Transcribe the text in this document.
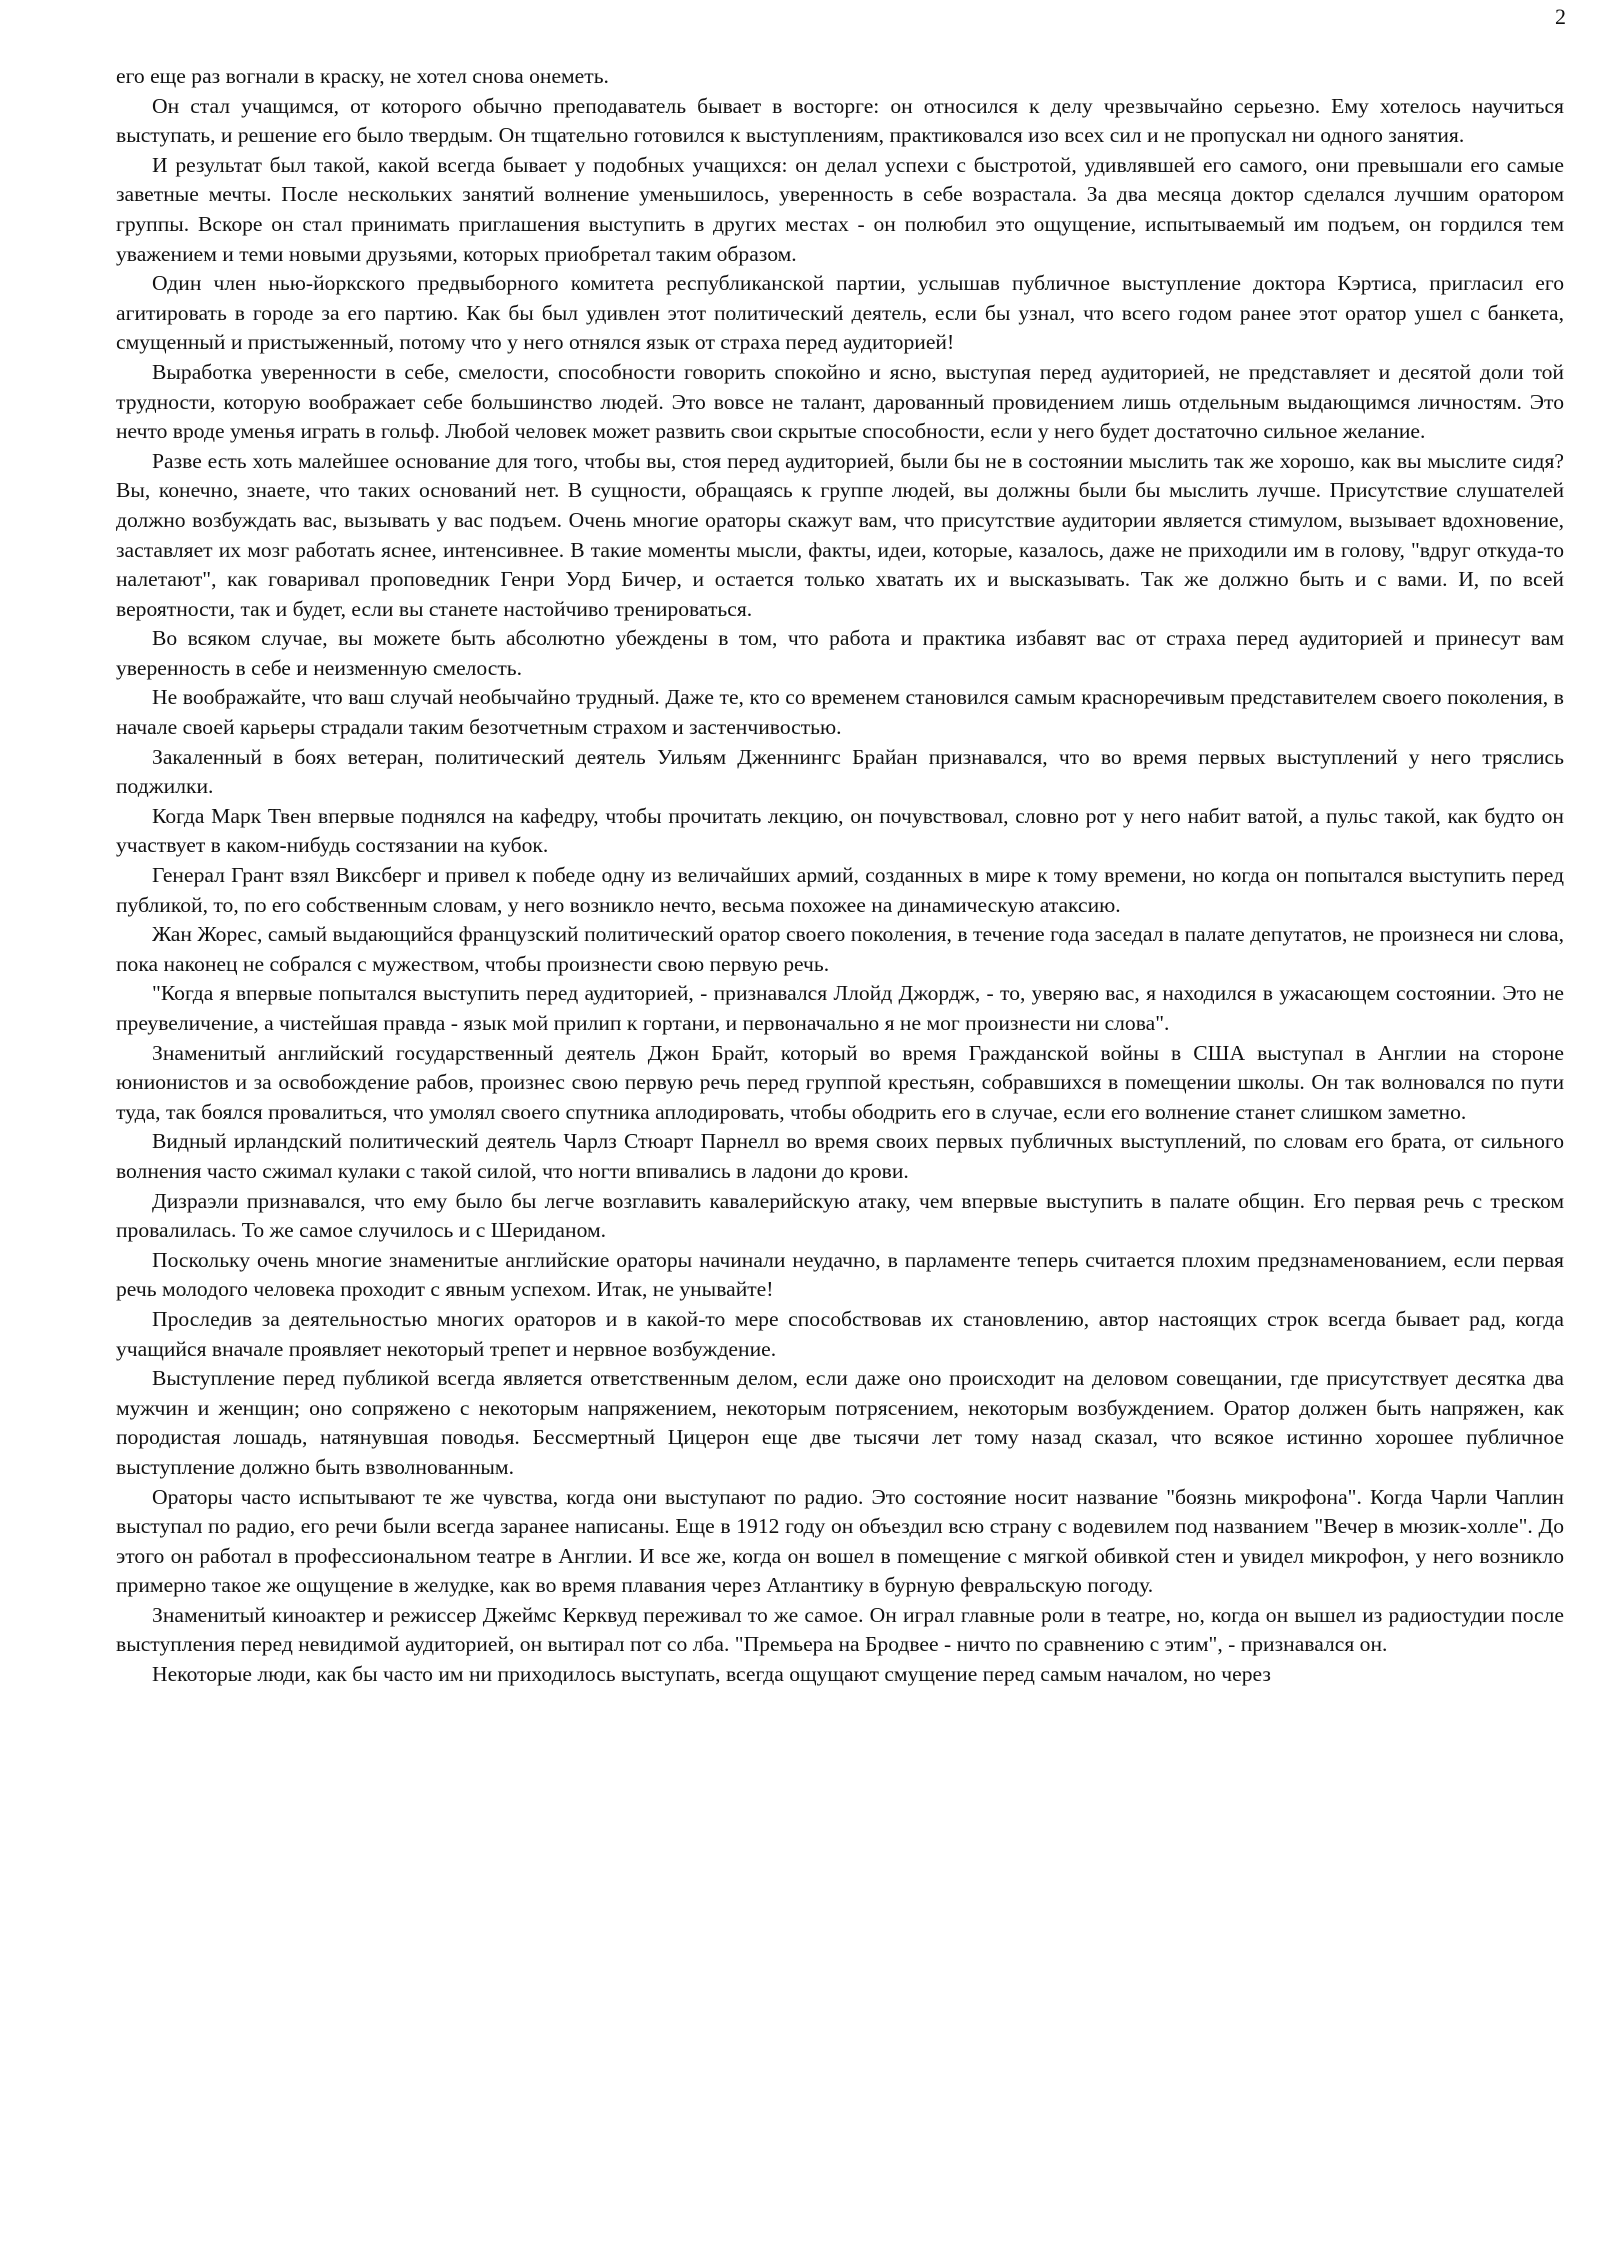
2

его еще раз вогнали в краску, не хотел снова онеметь.

Он стал учащимся, от которого обычно преподаватель бывает в восторге: он относился к делу чрезвычайно серьезно. Ему хотелось научиться выступать, и решение его было твердым. Он тщательно готовился к выступлениям, практиковался изо всех сил и не пропускал ни одного занятия.

И результат был такой, какой всегда бывает у подобных учащихся: он делал успехи с быстротой, удивлявшей его самого, они превышали его самые заветные мечты. После нескольких занятий волнение уменьшилось, уверенность в себе возрастала. За два месяца доктор сделался лучшим оратором группы. Вскоре он стал принимать приглашения выступить в других местах - он полюбил это ощущение, испытываемый им подъем, он гордился тем уважением и теми новыми друзьями, которых приобретал таким образом.

Один член нью-йоркского предвыборного комитета республиканской партии, услышав публичное выступление доктора Кэртиса, пригласил его агитировать в городе за его партию. Как бы был удивлен этот политический деятель, если бы узнал, что всего годом ранее этот оратор ушел с банкета, смущенный и пристыженный, потому что у него отнялся язык от страха перед аудиторией!

Выработка уверенности в себе, смелости, способности говорить спокойно и ясно, выступая перед аудиторией, не представляет и десятой доли той трудности, которую воображает себе большинство людей. Это вовсе не талант, дарованный провидением лишь отдельным выдающимся личностям. Это нечто вроде уменья играть в гольф. Любой человек может развить свои скрытые способности, если у него будет достаточно сильное желание.

Разве есть хоть малейшее основание для того, чтобы вы, стоя перед аудиторией, были бы не в состоянии мыслить так же хорошо, как вы мыслите сидя? Вы, конечно, знаете, что таких оснований нет. В сущности, обращаясь к группе людей, вы должны были бы мыслить лучше. Присутствие слушателей должно возбуждать вас, вызывать у вас подъем. Очень многие ораторы скажут вам, что присутствие аудитории является стимулом, вызывает вдохновение, заставляет их мозг работать яснее, интенсивнее. В такие моменты мысли, факты, идеи, которые, казалось, даже не приходили им в голову, "вдруг откуда-то налетают", как говаривал проповедник Генри Уорд Бичер, и остается только хватать их и высказывать. Так же должно быть и с вами. И, по всей вероятности, так и будет, если вы станете настойчиво тренироваться.

Во всяком случае, вы можете быть абсолютно убеждены в том, что работа и практика избавят вас от страха перед аудиторией и принесут вам уверенность в себе и неизменную смелость.

Не воображайте, что ваш случай необычайно трудный. Даже те, кто со временем становился самым красноречивым представителем своего поколения, в начале своей карьеры страдали таким безотчетным страхом и застенчивостью.

Закаленный в боях ветеран, политический деятель Уильям Дженнингс Брайан признавался, что во время первых выступлений у него тряслись поджилки.

Когда Марк Твен впервые поднялся на кафедру, чтобы прочитать лекцию, он почувствовал, словно рот у него набит ватой, а пульс такой, как будто он участвует в каком-нибудь состязании на кубок.

Генерал Грант взял Виксберг и привел к победе одну из величайших армий, созданных в мире к тому времени, но когда он попытался выступить перед публикой, то, по его собственным словам, у него возникло нечто, весьма похожее на динамическую атаксию.

Жан Жорес, самый выдающийся французский политический оратор своего поколения, в течение года заседал в палате депутатов, не произнеся ни слова, пока наконец не собрался с мужеством, чтобы произнести свою первую речь.

"Когда я впервые попытался выступить перед аудиторией, - признавался Ллойд Джордж, - то, уверяю вас, я находился в ужасающем состоянии. Это не преувеличение, а чистейшая правда - язык мой прилип к гортани, и первоначально я не мог произнести ни слова".

Знаменитый английский государственный деятель Джон Брайт, который во время Гражданской войны в США выступал в Англии на стороне юнионистов и за освобождение рабов, произнес свою первую речь перед группой крестьян, собравшихся в помещении школы. Он так волновался по пути туда, так боялся провалиться, что умолял своего спутника аплодировать, чтобы ободрить его в случае, если его волнение станет слишком заметно.

Видный ирландский политический деятель Чарлз Стюарт Парнелл во время своих первых публичных выступлений, по словам его брата, от сильного волнения часто сжимал кулаки с такой силой, что ногти впивались в ладони до крови.

Дизраэли признавался, что ему было бы легче возглавить кавалерийскую атаку, чем впервые выступить в палате общин. Его первая речь с треском провалилась. То же самое случилось и с Шериданом.

Поскольку очень многие знаменитые английские ораторы начинали неудачно, в парламенте теперь считается плохим предзнаменованием, если первая речь молодого человека проходит с явным успехом. Итак, не унывайте!

Проследив за деятельностью многих ораторов и в какой-то мере способствовав их становлению, автор настоящих строк всегда бывает рад, когда учащийся вначале проявляет некоторый трепет и нервное возбуждение.

Выступление перед публикой всегда является ответственным делом, если даже оно происходит на деловом совещании, где присутствует десятка два мужчин и женщин; оно сопряжено с некоторым напряжением, некоторым потрясением, некоторым возбуждением. Оратор должен быть напряжен, как породистая лошадь, натянувшая поводья. Бессмертный Цицерон еще две тысячи лет тому назад сказал, что всякое истинно хорошее публичное выступление должно быть взволнованным.

Ораторы часто испытывают те же чувства, когда они выступают по радио. Это состояние носит название "боязнь микрофона". Когда Чарли Чаплин выступал по радио, его речи были всегда заранее написаны. Еще в 1912 году он объездил всю страну с водевилем под названием "Вечер в мюзик-холле". До этого он работал в профессиональном театре в Англии. И все же, когда он вошел в помещение с мягкой обивкой стен и увидел микрофон, у него возникло примерно такое же ощущение в желудке, как во время плавания через Атлантику в бурную февральскую погоду.

Знаменитый киноактер и режиссер Джеймс Керквуд переживал то же самое. Он играл главные роли в театре, но, когда он вышел из радиостудии после выступления перед невидимой аудиторией, он вытирал пот со лба. "Премьера на Бродвее - ничто по сравнению с этим", - признавался он.

Некоторые люди, как бы часто им ни приходилось выступать, всегда ощущают смущение перед самым началом, но через
